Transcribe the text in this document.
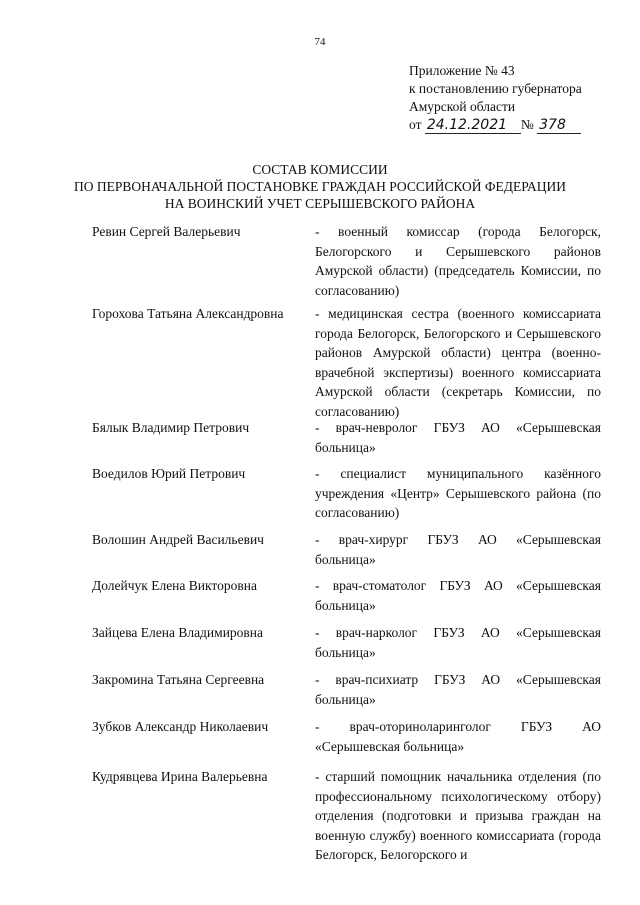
74
Приложение № 43
к постановлению губернатора
Амурской области
от 24.12.2021 № 378
СОСТАВ КОМИССИИ
ПО ПЕРВОНАЧАЛЬНОЙ ПОСТАНОВКЕ ГРАЖДАН РОССИЙСКОЙ ФЕДЕРАЦИИ
НА ВОИНСКИЙ УЧЕТ СЕРЫШЕВСКОГО РАЙОНА
Ревин Сергей Валерьевич	- военный комиссар (города Белогорск, Белогорского и Серышевского районов Амурской области) (председатель Комиссии, по согласованию)
Горохова Татьяна Александровна	- медицинская сестра (военного комиссариата города Белогорск, Белогорского и Серышевского районов Амурской области) центра (военно-врачебной экспертизы) военного комиссариата Амурской области (секретарь Комиссии, по согласованию)
Бялык Владимир Петрович	- врач-невролог ГБУЗ АО «Серышевская больница»
Воедилов Юрий Петрович	- специалист муниципального казённого учреждения «Центр» Серышевского района (по согласованию)
Волошин Андрей Васильевич	- врач-хирург ГБУЗ АО «Серышевская больница»
Долейчук Елена Викторовна	- врач-стоматолог ГБУЗ АО «Серышевская больница»
Зайцева Елена Владимировна	- врач-нарколог ГБУЗ АО «Серышевская больница»
Закромина Татьяна Сергеевна	- врач-психиатр ГБУЗ АО «Серышевская больница»
Зубков Александр Николаевич	- врач-оториноларинголог ГБУЗ АО «Серышевская больница»
Кудрявцева Ирина Валерьевна	- старший помощник начальника отделения (по профессиональному психологическому отбору) отделения (подготовки и призыва граждан на военную службу) военного комиссариата (города Белогорск, Белогорского и
